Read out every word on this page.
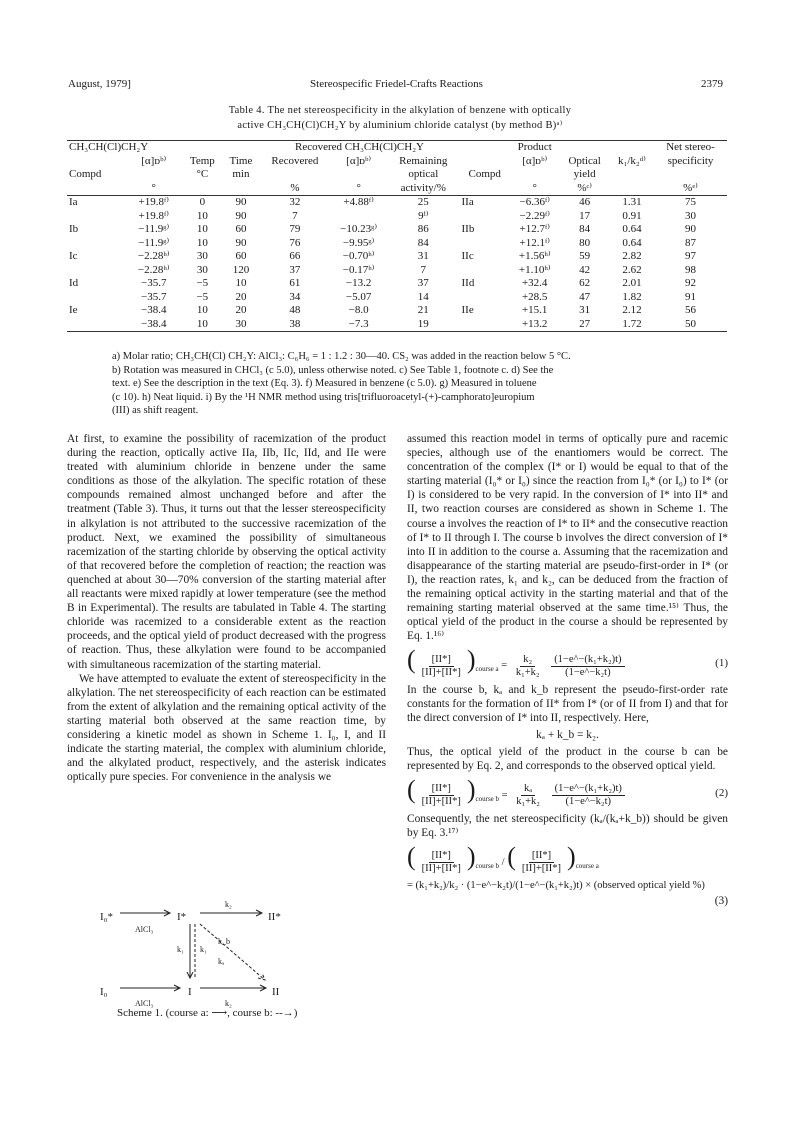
August, 1979]	Stereospecific Friedel-Crafts Reactions	2379
Table 4. The net stereospecificity in the alkylation of benzene with optically
active CH₃CH(Cl)CH₂Y by aluminium chloride catalyst (by method B)ᵃ⁾
CH₃CH(Cl)CH₂Y				Recovered CH₃CH(Cl)CH₂Y			Product				Net stereo-
	[α]ᴅᵇ⁾	Temp	Time	Recovered	[α]ᴅᵇ⁾	Remaining		[α]ᴅᵇ⁾	Optical	k₁/k₂ᵈ⁾	specificity
Compd		°C	min			optical	Compd		yield		
	°			%	°	activity/%		°	%ᶜ⁾		%ᵉ⁾
Ia	+19.8ᶠ⁾	0	90	32	+4.88ᶠ⁾	25	IIa	−6.36ᶠ⁾	46	1.31	75
	+19.8ᶠ⁾	10	90	7		9ⁱ⁾		−2.29ᶠ⁾	17	0.91	30
Ib	−11.9ᵍ⁾	10	60	79	−10.23ᵍ⁾	86	IIb	+12.7ᶠ⁾	84	0.64	90
	−11.9ᵍ⁾	10	90	76	−9.95ᵍ⁾	84		+12.1ᶠ⁾	80	0.64	87
Ic	−2.28ʰ⁾	30	60	66	−0.70ʰ⁾	31	IIc	+1.56ʰ⁾	59	2.82	97
	−2.28ʰ⁾	30	120	37	−0.17ʰ⁾	7		+1.10ʰ⁾	42	2.62	98
Id	−35.7	−5	10	61	−13.2	37	IId	+32.4	62	2.01	92
	−35.7	−5	20	34	−5.07	14		+28.5	47	1.82	91
Ie	−38.4	10	20	48	−8.0	21	IIe	+15.1	31	2.12	56
	−38.4	10	30	38	−7.3	19		+13.2	27	1.72	50
a) Molar ratio; CH₃CH(Cl) CH₂Y: AlCl₃: C₆H₆ = 1 : 1.2 : 30—40. CS₂ was added in the reaction below 5 °C.
b) Rotation was measured in CHCl₃ (c 5.0), unless otherwise noted. c) See Table 1, footnote c. d) See the
text. e) See the description in the text (Eq. 3). f) Measured in benzene (c 5.0). g) Measured in toluene
(c 10). h) Neat liquid. i) By the ¹H NMR method using tris[trifluoroacetyl-(+)-camphorato]europium
(III) as shift reagent.

At first, to examine the possibility of racemization of the product during the reaction, optically active IIa, IIb, IIc, IId, and IIe were treated with aluminium chloride in benzene under the same conditions as those of the alkylation. The specific rotation of these compounds remained almost unchanged before and after the treatment (Table 3). Thus, it turns out that the lesser stereospecificity in alkylation is not attributed to the successive racemization of the product. Next, we examined the possibility of simultaneous racemization of the starting chloride by observing the optical activity of that recovered before the completion of reaction; the reaction was quenched at about 30—70% conversion of the starting material after all reactants were mixed rapidly at lower temperature (see the method B in Experimental). The results are tabulated in Table 4. The starting chloride was racemized to a considerable extent as the reaction proceeds, and the optical yield of product decreased with the progress of reaction. Thus, these alkylation were found to be accompanied with simultaneous racemization of the starting material.

We have attempted to evaluate the extent of stereospecificity in the alkylation. The net stereospecificity of each reaction can be estimated from the extent of alkylation and the remaining optical activity of the starting material both observed at the same reaction time, by considering a kinetic model as shown in Scheme 1. I₀, I, and II indicate the starting material, the complex with aluminium chloride, and the alkylated product, respectively, and the asterisk indicates optically pure species. For convenience in the analysis we

I₀*	I*	II*
I₀	I	II
k₂
AlCl₃
k₁ k₁
k_b
kₐ
AlCl₃	k₂
Scheme 1. (course a: ⟶, course b: --→)

assumed this reaction model in terms of optically pure and racemic species, although use of the enantiomers would be correct. The concentration of the complex (I* or I) would be equal to that of the starting material (I₀* or I₀) since the reaction from I₀* (or I₀) to I* (or I) is considered to be very rapid. In the conversion of I* into II* and II, two reaction courses are considered as shown in Scheme 1. The course a involves the reaction of I* to II* and the consecutive reaction of I* to II through I. The course b involves the direct conversion of I* into II in addition to the course a. Assuming that the racemization and disappearance of the starting material are pseudo-first-order in I* (or I), the reaction rates, k₁ and k₂, can be deduced from the fraction of the remaining optical activity in the starting material and that of the remaining starting material observed at the same time.¹⁵⁾ Thus, the optical yield of the product in the course a should be represented by Eq. 1.¹⁶⁾

( $\frac{[II*]}{[II]+[II*]} )_{course a} = \frac{\text{k₂}}{\text{k₁+k₂}}$
$\frac{\text{(1−e\textasciicircum{}−(k₁+k₂)t)}}{\text{(1−e\textasciicircum{}−k₂t)}}$	(1)

In the course b, kₐ and k_b represent the pseudo-first-order rate constants for the formation of II* from I* (or of II from I) and that for the direct conversion of I* into II, respectively. Here,

kₐ + k_b = k₂.

Thus, the optical yield of the product in the course b can be represented by Eq. 2, and corresponds to the observed optical yield.

( $\frac{[II*]}{[II]+[II*]} )_{course b} = \frac{\text{kₐ}}{\text{k₁+k₂}}$
$\frac{\text{(1−e\textasciicircum{}−(k₁+k₂)t)}}{\text{(1−e\textasciicircum{}−k₂t)}}$	(2)

Consequently, the net stereospecificity (kₐ/(kₐ+k_b)) should be given by Eq. 3.¹⁷⁾

( $\frac{[II*]}{[II]+[II*]} )_{course b}$ / ( $\frac{[II*]}{[II]+[II*]} )_{course a}$
= (k₁+k₂)/k₂ · (1−e^−k₂t)/(1−e^−(k₁+k₂)t) × (observed optical yield %)
(3)
